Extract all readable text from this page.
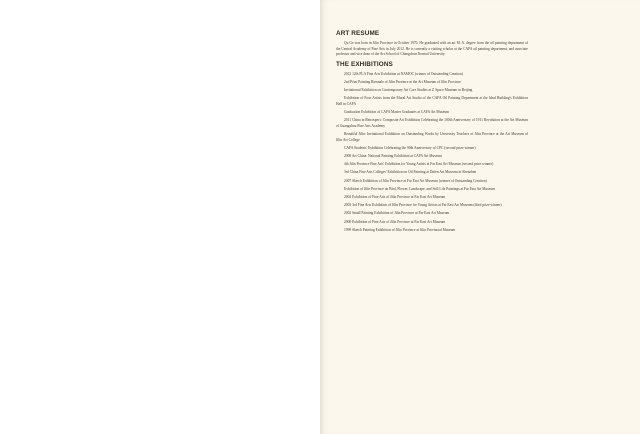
ART RESUME

Qu Ge was born in Jilin Province in October 1970. He graduated with an art M. A. degree from the oil painting department of the Central Academy of Fine Arts in July 2012. He is currently a visiting scholar at the CAFA oil painting department, and associate professor and vice dean of the Art School of Changchun Normal University.

THE EXHIBITIONS
2012 12th PLA Fine Arts Exhibition at NAMOC (winner of Outstanding Creation)
2nd Print Painting Biennale of Jilin Province at the Art Museum of Jilin Province
Invitational Exhibition on Contemporary Art Core Studies at Z Space Museum in Beijing
Exhibition of Four Artists from the Mural Art Studio of the CAFA Oil Painting Department at the Ideal Building's Exhibition Hall in CAFA
Graduation Exhibition of CAFA Master Graduates at CAFA Art Museum
2011 China in Retrospect: Composite Art Exhibition Celebrating the 100th Anniversary of 1911 Revolution at the Art Museum of Guangzhou Fine Arts Academy
Beautiful Jilin: Invitational Exhibition on Outstanding Works by University Teachers of Jilin Province at the Art Museum of Jilin Art College
CAFA Students' Exhibition Celebrating the 90th Anniversary of CPC (second prize winner)
2008 Art China: National Painting Exhibition at CAFA Art Museum
4th Jilin Province Fine Arts' Exhibition for Young Artists at Far East Art Museum (second prize winner)
3rd China Fine Arts Colleges' Exhibition on Oil Painting at Dafen Art Museum in Shenzhen
2007 Sketch Exhibition of Jilin Province at Far East Art Museum (winner of Outstanding Creation)
Exhibition of Jilin Province on Bird, Flower, Landscape, and Still Life Paintings at Far East Art Museum
2004 Exhibition of Fine Arts of Jilin Province at Far East Art Museum
2003 3rd Fine Arts Exhibition of Jilin Province for Young Artists at Far East Art Museum (third prize winner)
2002 Small Painting Exhibition of Jilin Province at Far East Art Museum
2000 Exhibition of Fine Arts of Jilin Province at Far East Art Museum
1999 Sketch Painting Exhibition of Jilin Province at Jilin Provincial Museum
